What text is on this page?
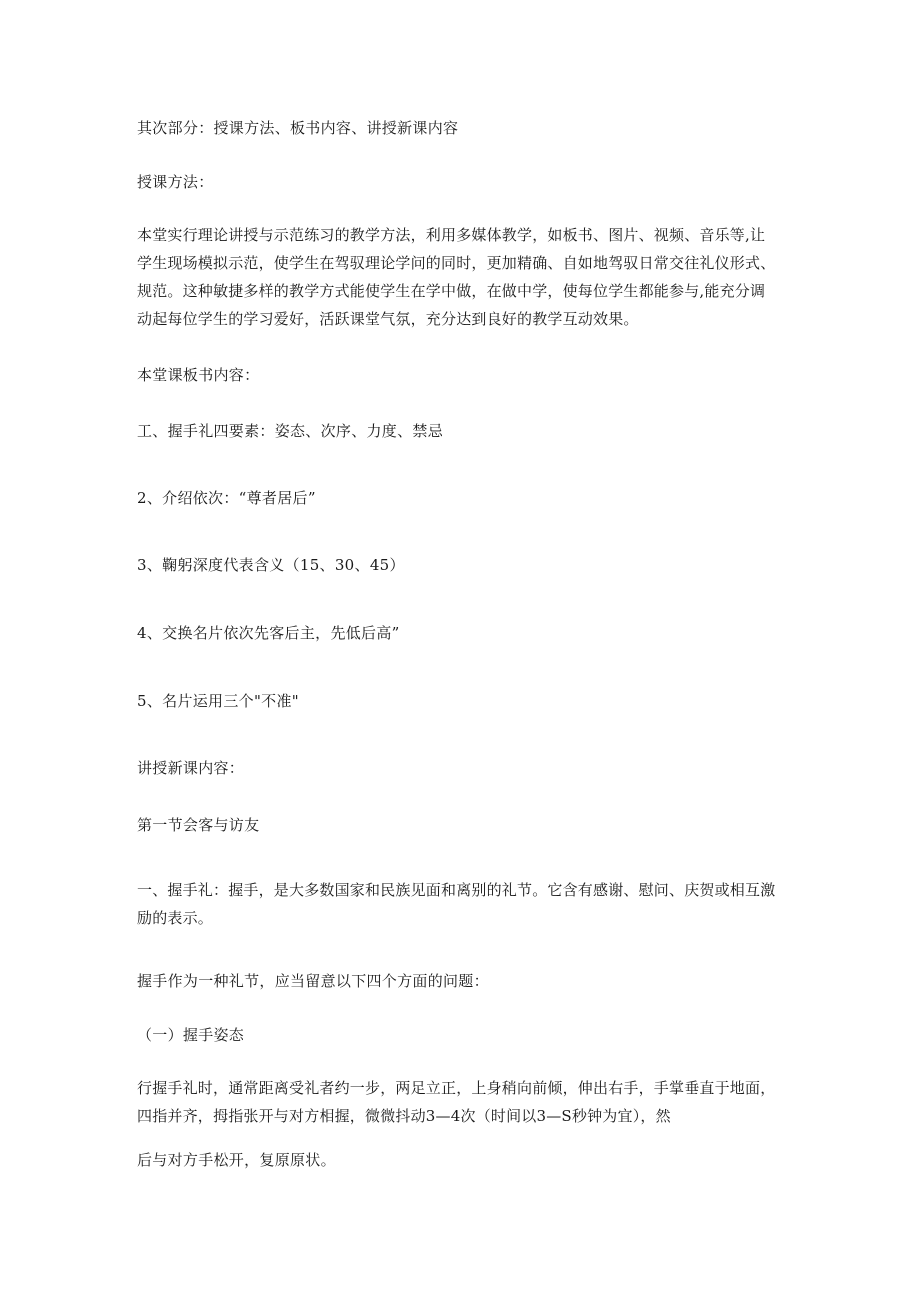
其次部分：授课方法、板书内容、讲授新课内容
授课方法：

本堂实行理论讲授与示范练习的教学方法，利用多媒体教学，如板书、图片、视频、音乐等,让

学生现场模拟示范，使学生在驾驭理论学问的同时，更加精确、自如地驾驭日常交往礼仪形式、

规范。这种敏捷多样的教学方式能使学生在学中做，在做中学，使每位学生都能参与,能充分调

动起每位学生的学习爱好，活跃课堂气氛，充分达到良好的教学互动效果。

本堂课板书内容：
工、握手礼四要素：姿态、次序、力度、禁忌
2、介绍依次：“尊者居后”
3、鞠躬深度代表含义（15、30、45）
4、交换名片依次先客后主，先低后高”
5、名片运用三个"不准"
讲授新课内容：
第一节会客与访友

一、握手礼：握手，是大多数国家和民族见面和离别的礼节。它含有感谢、慰问、庆贺或相互激

励的表示。

握手作为一种礼节，应当留意以下四个方面的问题：
（一）握手姿态

行握手礼时，通常距离受礼者约一步，两足立正，上身稍向前倾，伸出右手，手掌垂直于地面，

四指并齐，拇指张开与对方相握，微微抖动3—4次（时间以3—S秒钟为宜），然

后与对方手松开，复原原状。
